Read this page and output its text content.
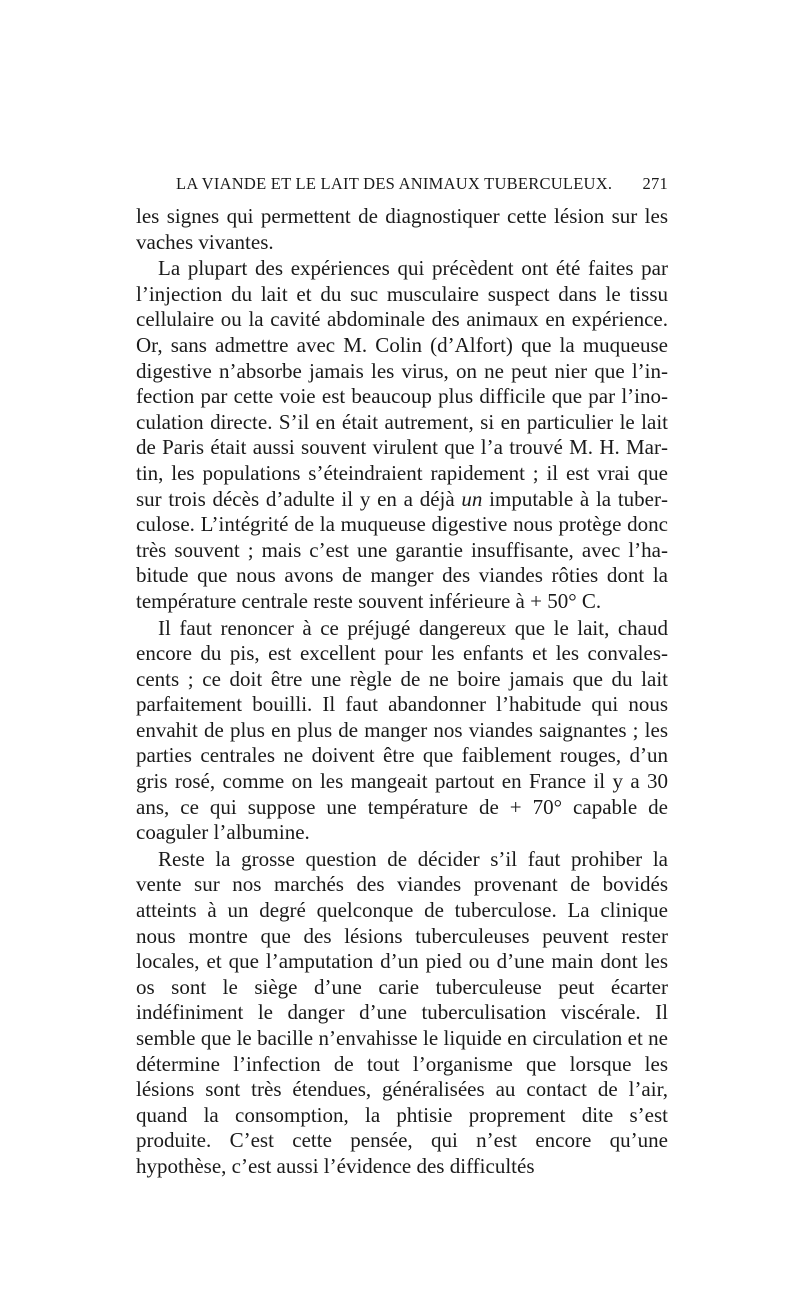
LA VIANDE ET LE LAIT DES ANIMAUX TUBERCULEUX. 271

les signes qui permettent de diagnostiquer cette lésion sur les vaches vivantes.

La plupart des expériences qui précèdent ont été faites par l’injection du lait et du suc musculaire suspect dans le tissu cellulaire ou la cavité abdominale des animaux en expérience. Or, sans admettre avec M. Colin (d’Alfort) que la muqueuse digestive n’absorbe jamais les virus, on ne peut nier que l’infection par cette voie est beaucoup plus difficile que par l’inoculation directe. S’il en était autrement, si en particulier le lait de Paris était aussi souvent virulent que l’a trouvé M. H. Martin, les populations s’éteindraient rapidement ; il est vrai que sur trois décès d’adulte il y en a déjà un imputable à la tuberculose. L’intégrité de la muqueuse digestive nous protège donc très souvent ; mais c’est une garantie insuffisante, avec l’habitude que nous avons de manger des viandes rôties dont la température centrale reste souvent inférieure à + 50° C.

Il faut renoncer à ce préjugé dangereux que le lait, chaud encore du pis, est excellent pour les enfants et les convalescents ; ce doit être une règle de ne boire jamais que du lait parfaitement bouilli. Il faut abandonner l’habitude qui nous envahit de plus en plus de manger nos viandes saignantes ; les parties centrales ne doivent être que faiblement rouges, d’un gris rosé, comme on les mangeait partout en France il y a 30 ans, ce qui suppose une température de + 70° capable de coaguler l’albumine.

Reste la grosse question de décider s’il faut prohiber la vente sur nos marchés des viandes provenant de bovidés atteints à un degré quelconque de tuberculose. La clinique nous montre que des lésions tuberculeuses peuvent rester locales, et que l’amputation d’un pied ou d’une main dont les os sont le siège d’une carie tuberculeuse peut écarter indéfiniment le danger d’une tuberculisation viscérale. Il semble que le bacille n’envahisse le liquide en circulation et ne détermine l’infection de tout l’organisme que lorsque les lésions sont très étendues, généralisées au contact de l’air, quand la consomption, la phtisie proprement dite s’est produite. C’est cette pensée, qui n’est encore qu’une hypothèse, c’est aussi l’évidence des difficultés
